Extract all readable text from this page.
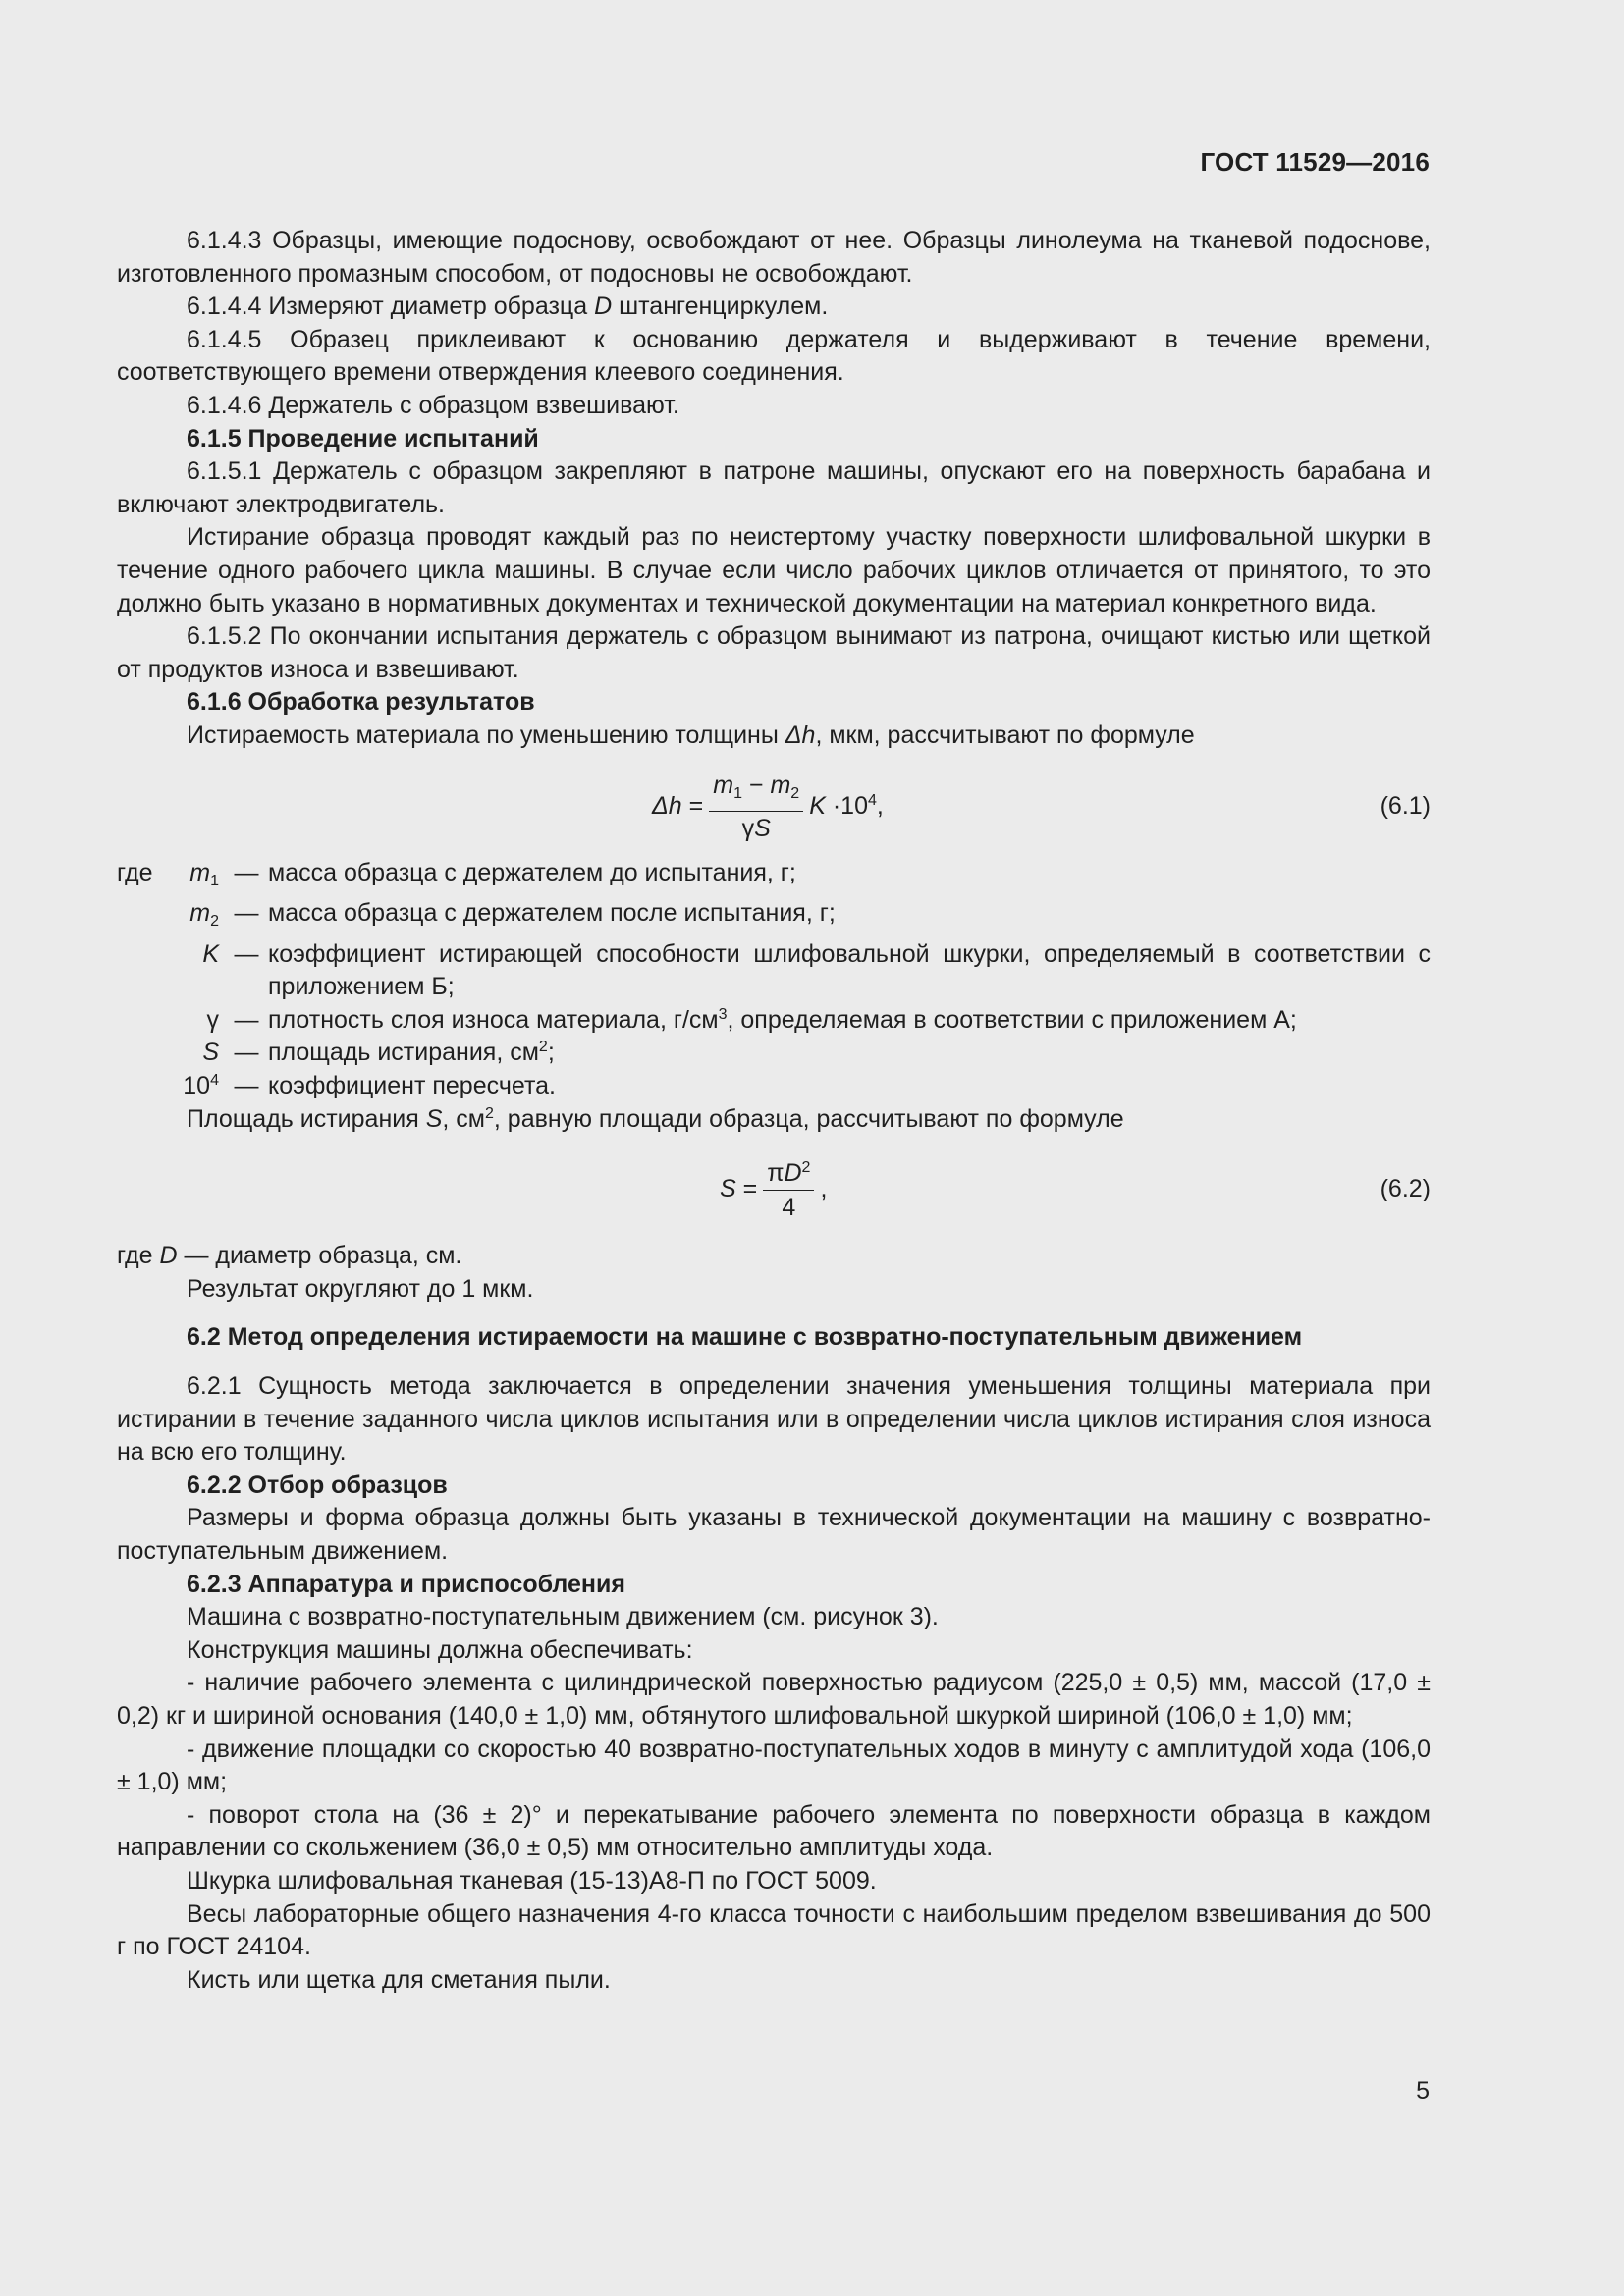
ГОСТ 11529—2016

6.1.4.3 Образцы, имеющие подоснову, освобождают от нее. Образцы линолеума на тканевой подоснове, изготовленного промазным способом, от подосновы не освобождают.

6.1.4.4 Измеряют диаметр образца D штангенциркулем.

6.1.4.5 Образец приклеивают к основанию держателя и выдерживают в течение времени, соответствующего времени отверждения клеевого соединения.

6.1.4.6 Держатель с образцом взвешивают.

6.1.5 Проведение испытаний

6.1.5.1 Держатель с образцом закрепляют в патроне машины, опускают его на поверхность барабана и включают электродвигатель.

Истирание образца проводят каждый раз по неистертому участку поверхности шлифовальной шкурки в течение одного рабочего цикла машины. В случае если число рабочих циклов отличается от принятого, то это должно быть указано в нормативных документах и технической документации на материал конкретного вида.

6.1.5.2 По окончании испытания держатель с образцом вынимают из патрона, очищают кистью или щеткой от продуктов износа и взвешивают.

6.1.6 Обработка результатов

Истираемость материала по уменьшению толщины Δh, мкм, рассчитывают по формуле

$\Delta h = \frac{m_1 - m_2}{\gamma S}$ $K \cdot 10^4$,	(6.1)
где $m_1$ — масса образца с держателем до испытания, г;
$m_2$ — масса образца с держателем после испытания, г;
K — коэффициент истирающей способности шлифовальной шкурки, определяемый в соответствии с приложением Б;
γ — плотность слоя износа материала, $г/см^3$, определяемая в соответствии с приложением А;
S — площадь истирания, $см^2$;
$10^4$ — коэффициент пересчета.

Площадь истирания S, $см^2$, равную площади образца, рассчитывают по формуле

$S = \frac{\pi D^2}{4}$ ,	(6.2)

где D — диаметр образца, см.

Результат округляют до 1 мкм.

6.2 Метод определения истираемости на машине с возвратно-поступательным движением

6.2.1 Сущность метода заключается в определении значения уменьшения толщины материала при истирании в течение заданного числа циклов испытания или в определении числа циклов истирания слоя износа на всю его толщину.

6.2.2 Отбор образцов

Размеры и форма образца должны быть указаны в технической документации на машину с возвратно-поступательным движением.

6.2.3 Аппаратура и приспособления

Машина с возвратно-поступательным движением (см. рисунок 3).

Конструкция машины должна обеспечивать:

- наличие рабочего элемента с цилиндрической поверхностью радиусом (225,0 ± 0,5) мм, массой (17,0 ± 0,2) кг и шириной основания (140,0 ± 1,0) мм, обтянутого шлифовальной шкуркой шириной (106,0 ± 1,0) мм;

- движение площадки со скоростью 40 возвратно-поступательных ходов в минуту с амплитудой хода (106,0 ± 1,0) мм;

- поворот стола на (36 ± 2)° и перекатывание рабочего элемента по поверхности образца в каждом направлении со скольжением (36,0 ± 0,5) мм относительно амплитуды хода.

Шкурка шлифовальная тканевая (15-13)А8-П по ГОСТ 5009.

Весы лабораторные общего назначения 4-го класса точности с наибольшим пределом взвешивания до 500 г по ГОСТ 24104.

Кисть или щетка для сметания пыли.

5
